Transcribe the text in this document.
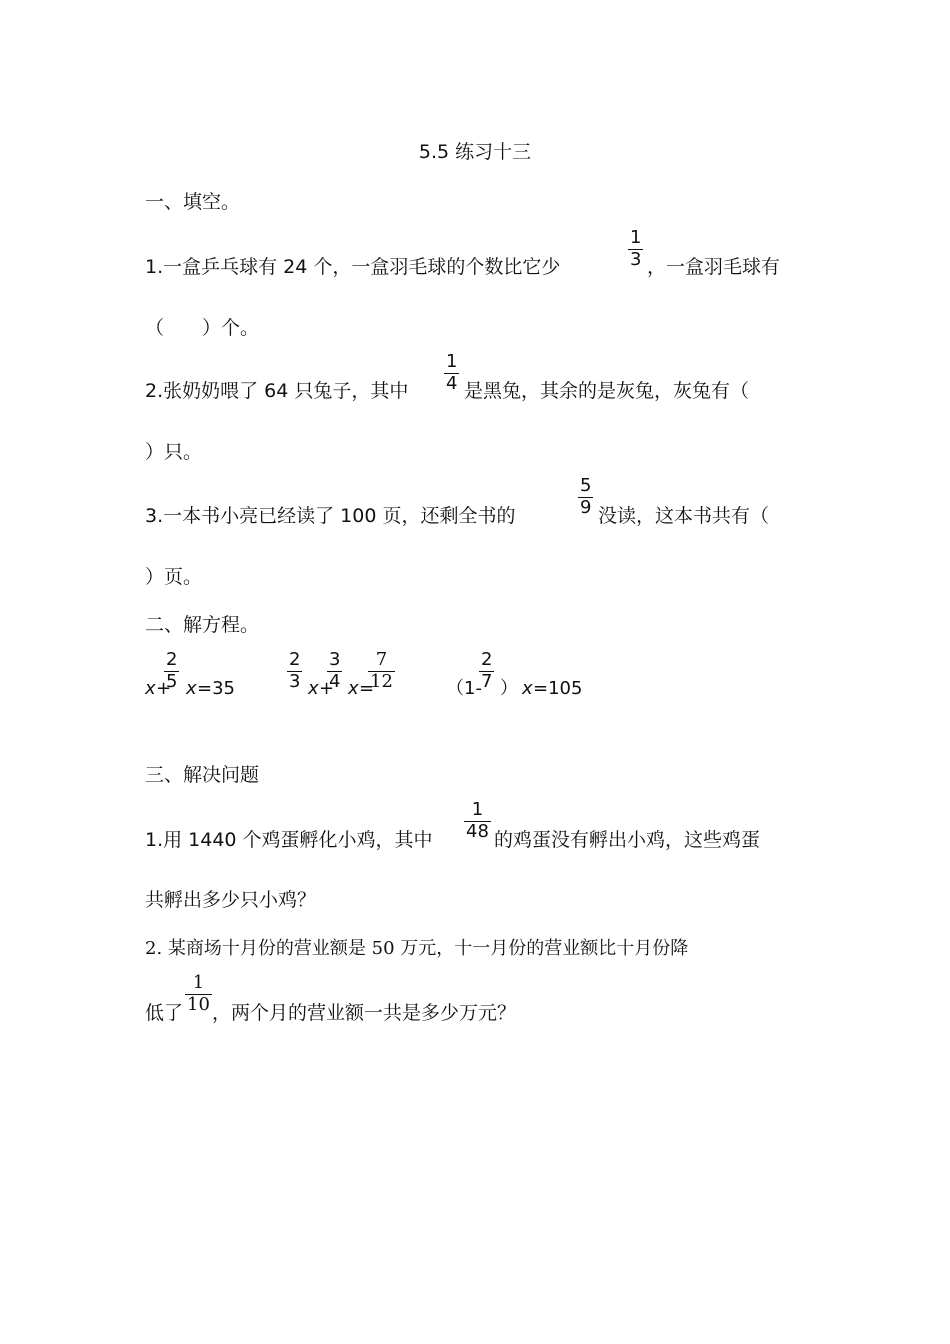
5.5 练习十三
一、填空。
1.一盒乒乓球有 24 个，一盒羽毛球的个数比它少
1
3 ，一盒羽毛球有
（　　）个。
2.张奶奶喂了 64 只兔子，其中
1
4 是黑兔，其余的是灰兔，灰兔有（
）只。
3.一本书小亮已经读了 100 页，还剩全书的
5
9 没读，这本书共有（
）页。
二、解方程。
x +
2
5 x =35
2
3 x +
3
4 x =
7
12	（1-
2
7 ） x =105
三、解决问题
1.用 1440 个鸡蛋孵化小鸡，其中
1
48 的鸡蛋没有孵出小鸡，这些鸡蛋
共孵出多少只小鸡？
2. 某商场十月份的营业额是 50 万元，十一月份的营业额比十月份降
低了
1
10 ，两个月的营业额一共是多少万元？
